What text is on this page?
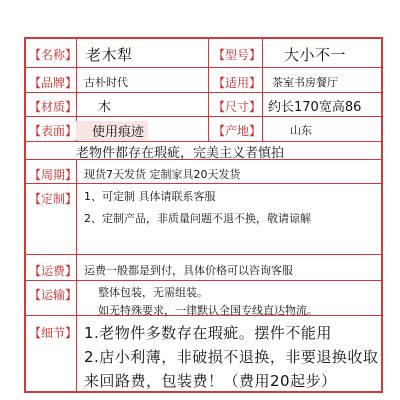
【名称】 老木犁	【型号】 大小不一
【品牌】 古朴时代	【适用】 茶室书房餐厅
【材质】 木	【尺寸】 约长170宽高86
【表面】 使用痕迹	【产地】	山东
老物件都存在瑕疵，完美主义者慎拍
【周期】 现货7天发货 定制家具20天发货
【定制】 1、可定制 具体请联系客服
2、定制产品，非质量问题不退不换，敬请谅解
【运费】 运费一般都是到付，具体价格可以咨询客服
【运输】 整体包装，无需组装。
如无特殊要求，一律默认全国专线直达物流。
【细节】 1.老物件多数存在瑕疵。摆件不能用
2.店小利薄，非破损不退换，非要退换收取
来回路费，包装费！（费用20起步）
